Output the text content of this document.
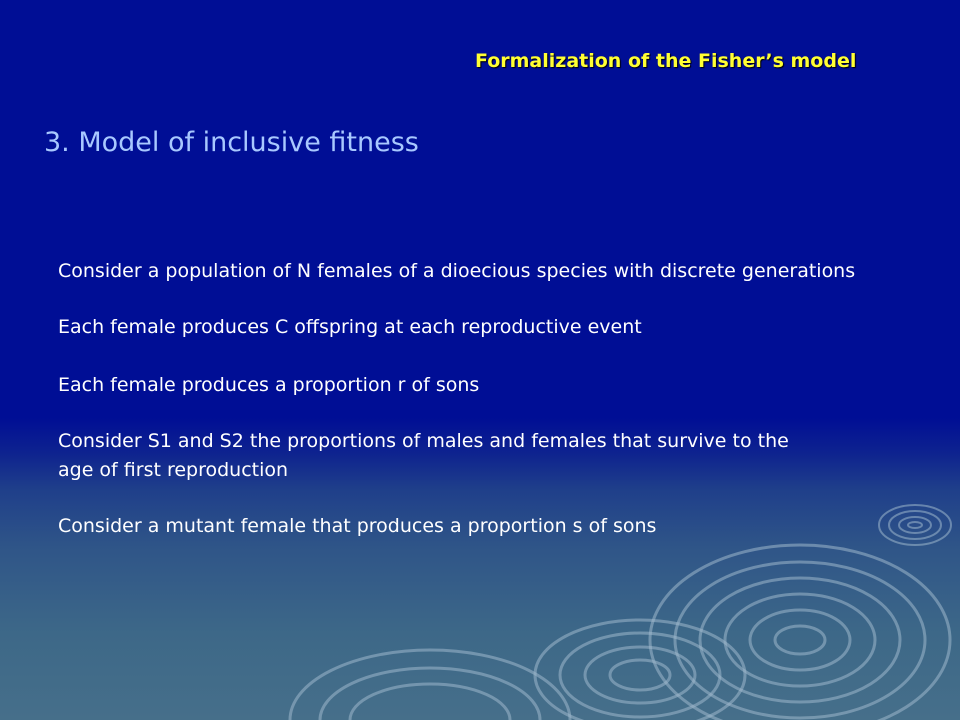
Formalization of the Fisher’s model
3. Model of inclusive fitness
Consider a population of N females of a dioecious species with discrete generations
Each female produces C offspring at each reproductive event
Each female produces a proportion r of sons
Consider S1 and S2 the proportions of males and females that survive to the
age of first reproduction
Consider a mutant female that produces a proportion s of sons
